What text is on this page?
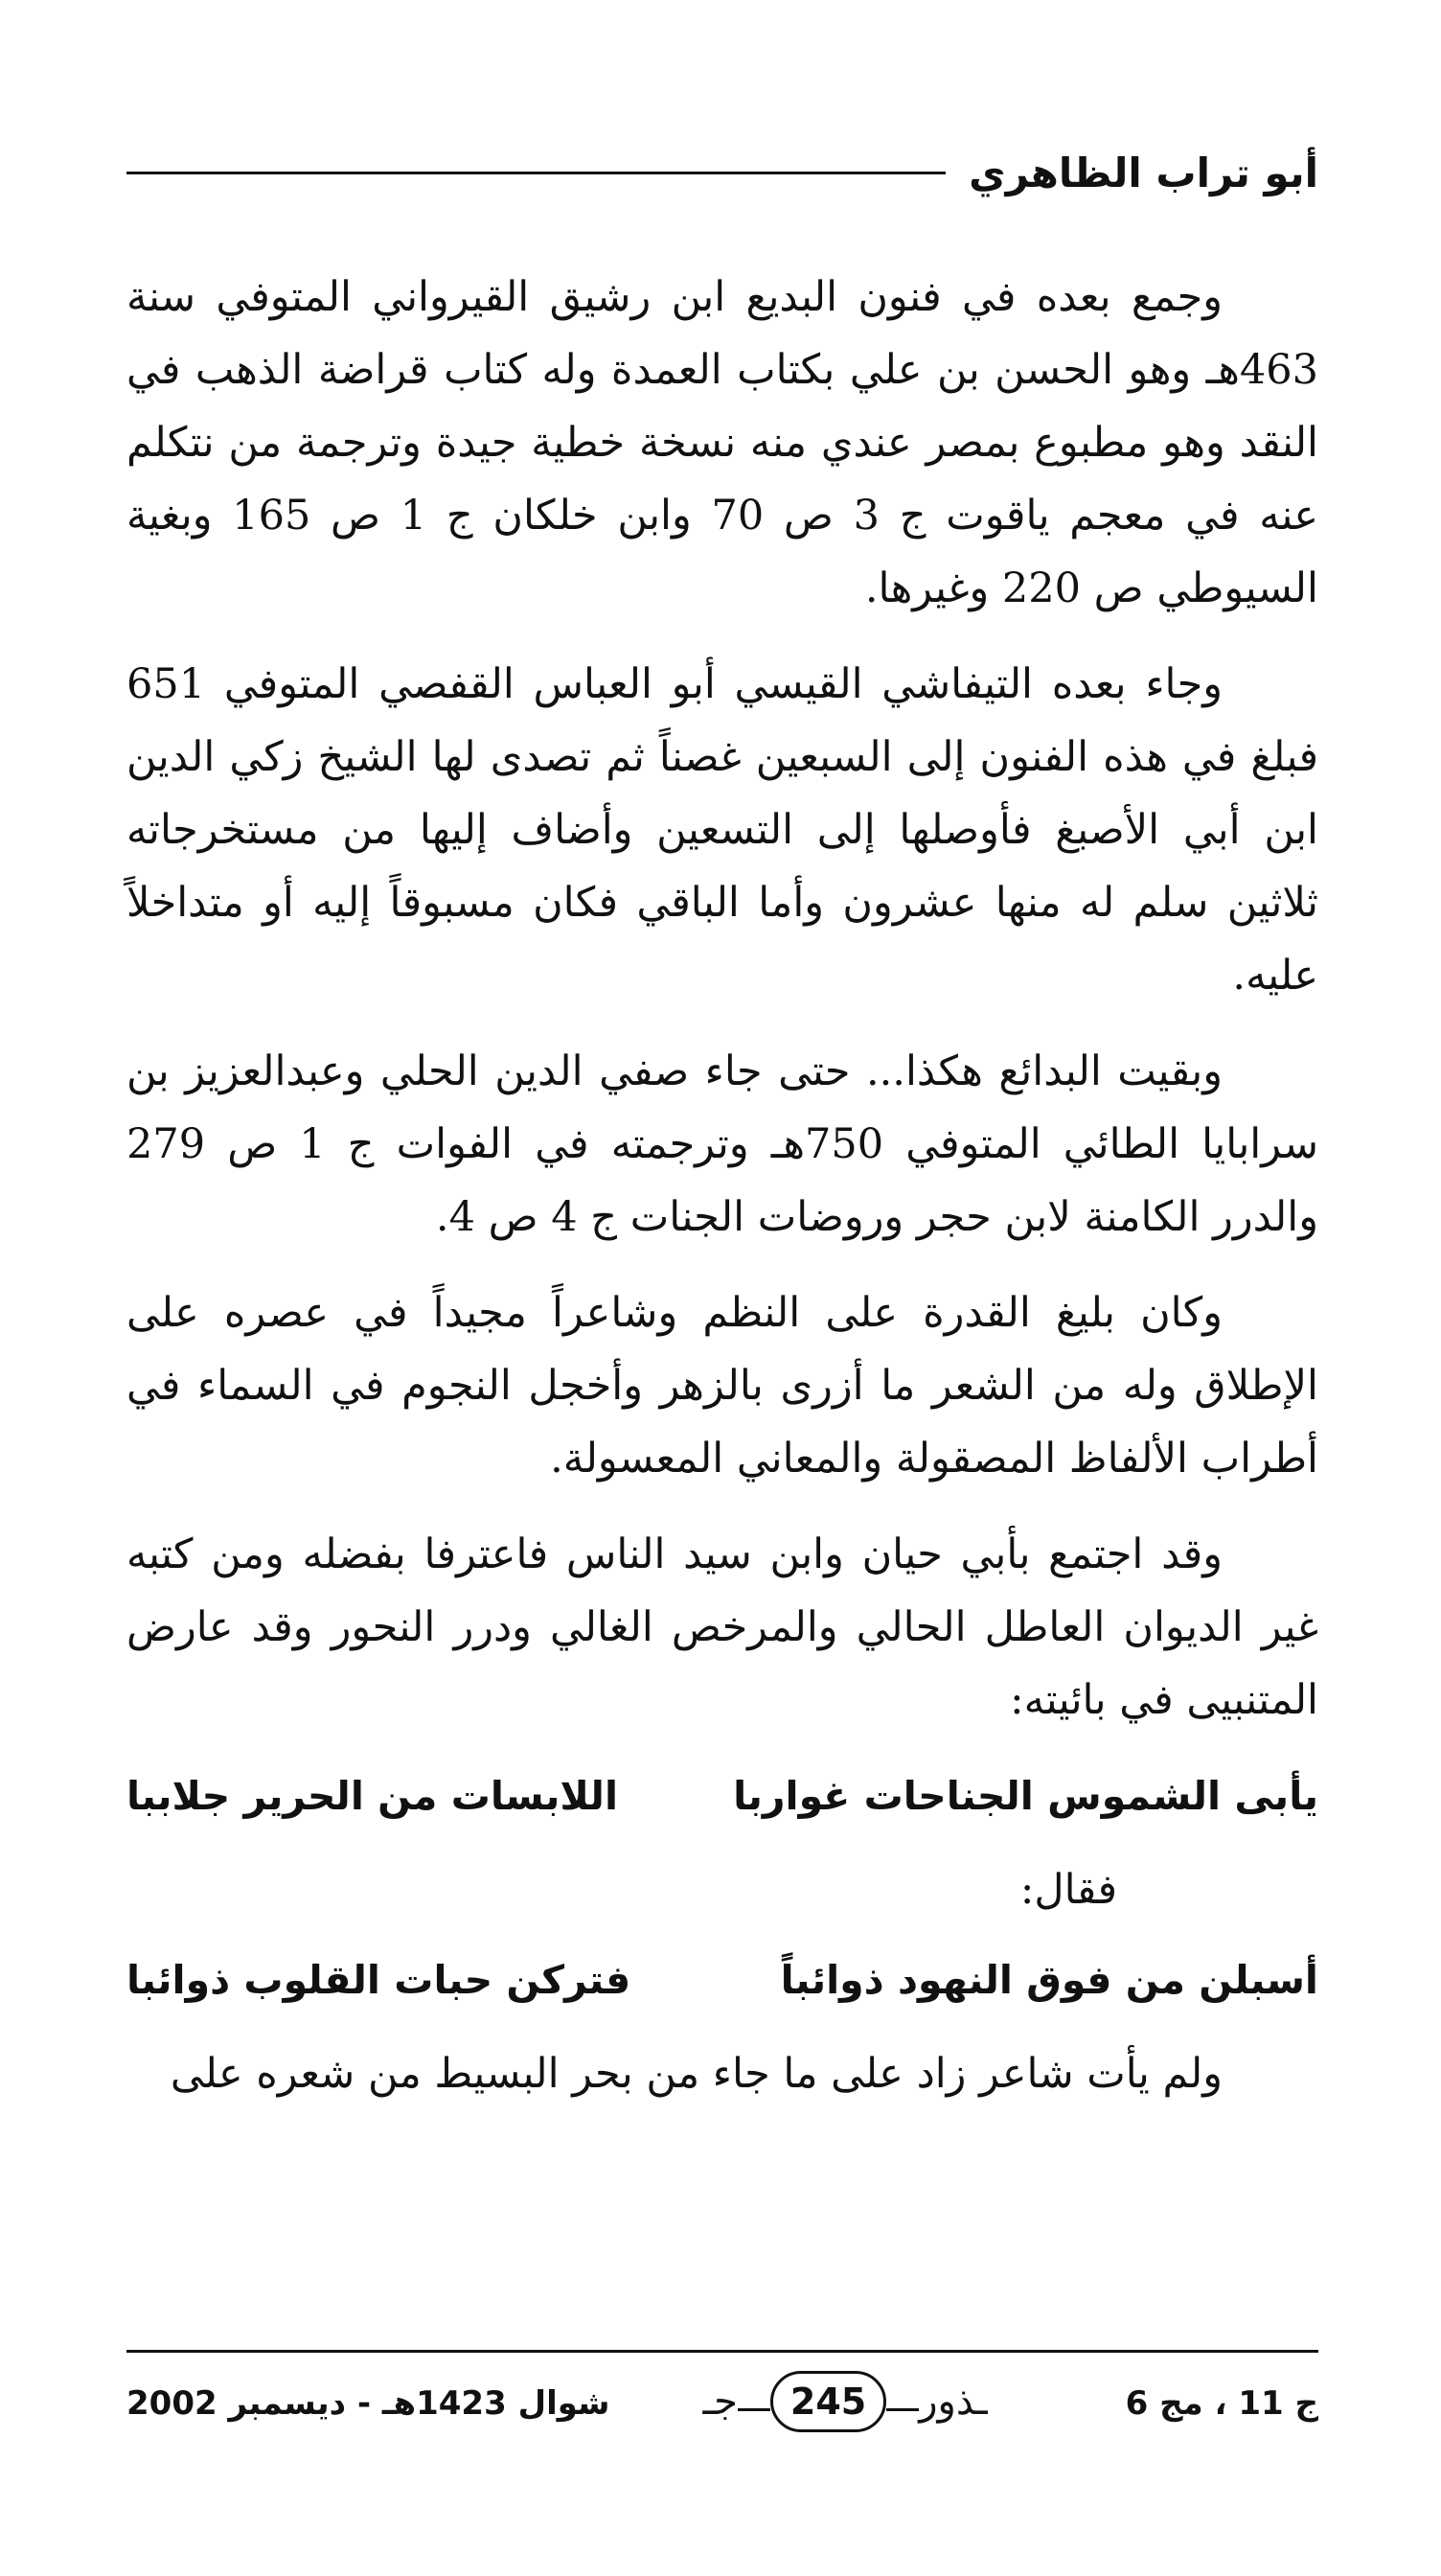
أبو تراب الظاهري

وجمع بعده في فنون البديع ابن رشيق القيرواني المتوفي سنة 463هـ وهو الحسن بن علي بكتاب العمدة وله كتاب قراضة الذهب في النقد وهو مطبوع بمصر عندي منه نسخة خطية جيدة وترجمة من نتكلم عنه في معجم ياقوت ج 3 ص 70 وابن خلكان ج 1 ص 165 وبغية السيوطي ص 220 وغيرها.

وجاء بعده التيفاشي القيسي أبو العباس القفصي المتوفي 651 فبلغ في هذه الفنون إلى السبعين غصناً ثم تصدى لها الشيخ زكي الدين ابن أبي الأصبغ فأوصلها إلى التسعين وأضاف إليها من مستخرجاته ثلاثين سلم له منها عشرون وأما الباقي فكان مسبوقاً إليه أو متداخلاً عليه.

وبقيت البدائع هكذا... حتى جاء صفي الدين الحلي وعبدالعزيز بن سرابايا الطائي المتوفي 750هـ وترجمته في الفوات ج 1 ص 279 والدرر الكامنة لابن حجر وروضات الجنات ج 4 ص 4.

وكان بليغ القدرة على النظم وشاعراً مجيداً في عصره على الإطلاق وله من الشعر ما أزرى بالزهر وأخجل النجوم في السماء في أطراب الألفاظ المصقولة والمعاني المعسولة.

وقد اجتمع بأبي حيان وابن سيد الناس فاعترفا بفضله ومن كتبه غير الديوان العاطل الحالي والمرخص الغالي ودرر النحور وقد عارض المتنبيى في بائيته:

يأبى الشموس الجناحات غواربا
اللابسات من الحرير جلاببا

فقال:

أسبلن من فوق النهود ذوائباً
فتركن حبات القلوب ذوائبا

ولم يأت شاعر زاد على ما جاء من بحر البسيط من شعره على

ج 11 ، مج 6
جـ	245	ـذور
شوال 1423هـ - ديسمبر 2002
